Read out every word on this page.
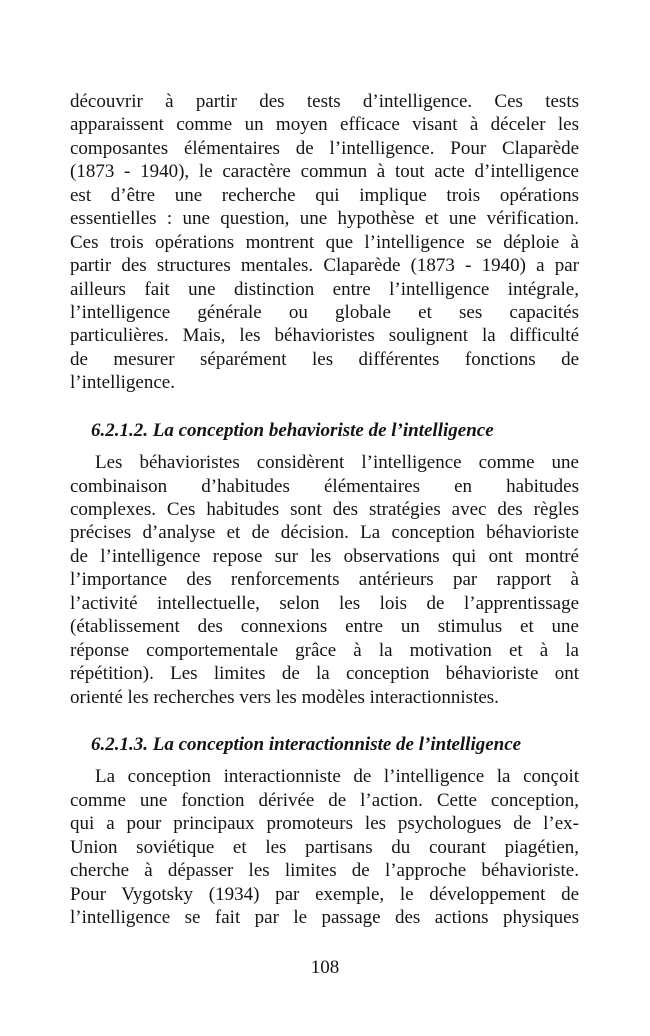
découvrir à partir des tests d’intelligence. Ces tests
apparaissent comme un moyen efficace visant à déceler les
composantes élémentaires de l’intelligence. Pour Claparède
(1873 - 1940), le caractère commun à tout acte d’intelligence
est d’être une recherche qui implique trois opérations
essentielles : une question, une hypothèse et une vérification.
Ces trois opérations montrent que l’intelligence se déploie à
partir des structures mentales. Claparède (1873 - 1940) a par
ailleurs fait une distinction entre l’intelligence intégrale,
l’intelligence générale ou globale et ses capacités
particulières. Mais, les béhavioristes soulignent la difficulté
de mesurer séparément les différentes fonctions de
l’intelligence.
6.2.1.2. La conception behavioriste de l’intelligence
Les béhavioristes considèrent l’intelligence comme une
combinaison d’habitudes élémentaires en habitudes
complexes. Ces habitudes sont des stratégies avec des règles
précises d’analyse et de décision. La conception béhavioriste
de l’intelligence repose sur les observations qui ont montré
l’importance des renforcements antérieurs par rapport à
l’activité intellectuelle, selon les lois de l’apprentissage
(établissement des connexions entre un stimulus et une
réponse comportementale grâce à la motivation et à la
répétition). Les limites de la conception béhavioriste ont
orienté les recherches vers les modèles interactionnistes.
6.2.1.3. La conception interactionniste de l’intelligence
La conception interactionniste de l’intelligence la conçoit
comme une fonction dérivée de l’action. Cette conception,
qui a pour principaux promoteurs les psychologues de l’ex-
Union soviétique et les partisans du courant piagétien,
cherche à dépasser les limites de l’approche béhavioriste.
Pour Vygotsky (1934) par exemple, le développement de
l’intelligence se fait par le passage des actions physiques
108
